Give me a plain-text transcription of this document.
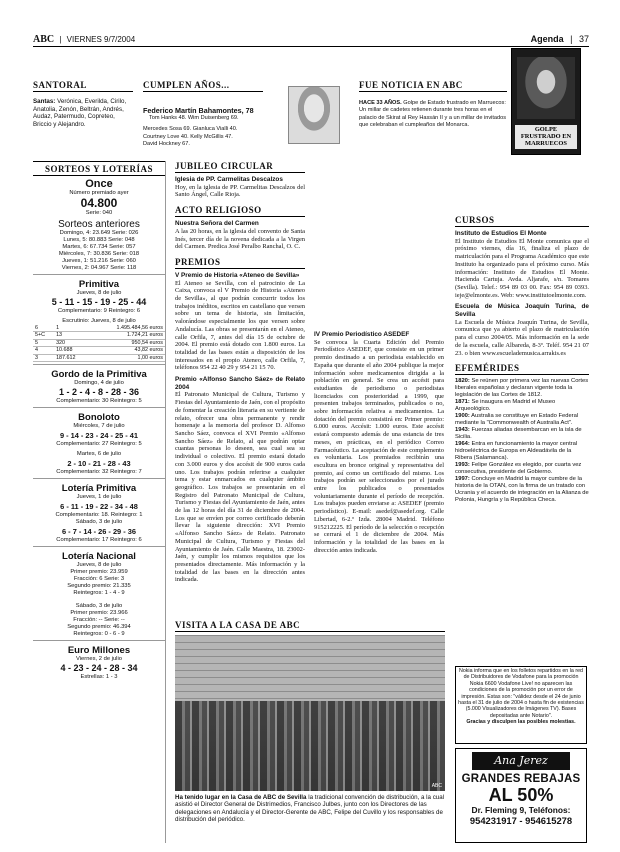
ABC | VIERNES 9/7/2004	Agenda | 37
SANTORAL
Santas: Verónica, Everilda, Cirilo, Anatolia, Zenón, Beltrán, Andrés, Audaz, Patermudo, Copreteo, Briccio y Alejandro.
CUMPLEN AÑOS...
Federico Martín Bahamontes, 78
Tom Hanks 48. Wim Duisenberg 69.
Mercedes Sosa 69. Gianluca Vialli 40.
Courtney Love 40. Kelly McGillis 47.
David Hockney 67.
FUE NOTICIA EN ABC
HACE 33 AÑOS. Golpe de Estado frustrado en Marruecos: Un millar de cadetes retienen durante tres horas en el palacio de Skirat al Rey Hassán II y a un millar de invitados que celebraban el cumpleaños del Monarca.
GOLPE FRUSTRADO EN MARRUECOS
SORTEOS Y LOTERÍAS
Once
Número premiado ayer
04.800
Serie: 040
Sorteos anteriores
Domingo, 4: 23.649 Serie: 026
Lunes, 5: 80.883 Serie: 048
Martes, 6: 67.734 Serie: 057
Miércoles, 7: 30.836 Serie: 018
Jueves, 1: 51.216 Serie: 060
Viernes, 2: 04.967 Serie: 118
Primitiva
Jueves, 8 de julio
5 - 11 - 15 - 19 - 25 - 44
Complementario: 9 Reintegro: 6
Escrutinio: Jueves, 8 de julio
6	1	1.495.484,56 euros
5+C	13	1.724,21 euros
5	320	950,54 euros
4	10.688	43,82 euros
3	187.612	1,00 euros
Gordo de la Primitiva
Domingo, 4 de julio
1 - 2 - 4 - 8 - 28 - 36
Complementario: 30 Reintegro: 5
Bonoloto
Miércoles, 7 de julio
9 - 14 - 23 - 24 - 25 - 41
Complementario: 27 Reintegro: 5
Martes, 6 de julio
2 - 10 - 21 - 28 - 43
Complementario: 32 Reintegro: 7
Lotería Primitiva
Jueves, 1 de julio
6 - 11 - 19 - 22 - 34 - 48
Complementario: 18. Reintegro: 1
Sábado, 3 de julio
6 - 7 - 14 - 26 - 29 - 36
Complementario: 17 Reintegro: 6
Lotería Nacional
Jueves, 8 de julio
Primer premio: 23.959
Fracción: 6 Serie: 3
Segundo premio: 21.335
Reintegros: 1 - 4 - 9
Sábado, 3 de julio
Primer premio: 23.966
Fracción: -- Serie: --
Segundo premio: 46.394
Reintegros: 0 - 6 - 9
Euro Millones
Viernes, 2 de julio
4 - 23 - 24 - 28 - 34
Estrellas: 1 - 3
JUBILEO CIRCULAR
Iglesia de PP. Carmelitas Descalzos
Hoy, en la iglesia de PP. Carmelitas Descalzos del Santo Ángel, Calle Rioja.
ACTO RELIGIOSO
Nuestra Señora del Carmen
A las 20 horas, en la iglesia del convento de Santa Inés, tercer día de la novena dedicada a la Virgen del Carmen. Predica José Peralbo Ranchal, O. C.
PREMIOS
V Premio de Historia «Ateneo de Sevilla»
El Ateneo se Sevilla, con el patrocinio de La Caixa, convoca el V Premio de Historia «Ateneo de Sevilla», al que podrán concurrir todos los trabajos inéditos, escritos en castellano que versen sobre un tema de historia, sin limitación, valorándose especialmente los que versen sobre Andalucía. Las obras se presentarán en el Ateneo, calle Orfila, 7, antes del día 15 de octubre de 2004. El premio está dotado con 1.800 euros. La totalidad de las bases están a disposición de los interesados en el propio Ateneo, calle Orfila, 7, teléfonos 954 22 40 29 y 954 21 15 70.
Premio «Alfonso Sancho Sáez» de Relato 2004
El Patronato Municipal de Cultura, Turismo y Fiestas del Ayuntamiento de Jaén, con el propósito de fomentar la creación literaria en su vertiente de relato, ofrecer una obra permanente y rendir homenaje a la memoria del profesor D. Alfonso Sancho Sáez, convoca el XVI Premio «Alfonso Sancho Sáez» de Relato, al que podrán optar cuantas personas lo deseen, sea cual sea su individual o colectivo. El premio estará dotado con 3.000 euros y dos accésit de 900 euros cada uno. Los trabajos podrán referirse a cualquier tema y estar enmarcados en cualquier ámbito geográfico. Los trabajos se presentarán en el Registro del Patronato Municipal de Cultura, Turismo y Fiestas del Ayuntamiento de Jaén, antes de las 12 horas del día 31 de diciembre de 2004. Los que se envíen por correo certificado deberán llevar la siguiente dirección: XVI Premio «Alfonso Sancho Sáez» de Relato. Patronato Municipal de Cultura, Turismo y Fiestas del Ayuntamiento de Jaén. Calle Maestra, 18. 23002-Jaén, y cumplir los mismos requisitos que los presentados directamente. Más información y la totalidad de las bases en la dirección antes indicada.
IV Premio Periodístico ASEDEF
Se convoca la Cuarta Edición del Premio Periodístico ASEDEF, que consiste en un primer premio destinado a un periodista establecido en España que durante el año 2004 publique la mejor información sobre medicamentos dirigida a la población en general. Se crea un accésit para estudiantes de periodismo o periodistas licenciados con posterioridad a 1999, que presenten trabajos terminados, publicados o no, sobre información relativa a medicamentos. La dotación del premio consistirá en: Primer premio: 6.000 euros. Accésit: 1.000 euros. Este accésit estará compuesto además de una estancia de tres meses, en prácticas, en el periódico Correo Farmacéutico. La aceptación de este complemento es voluntaria. Los premiados recibirán una escultura en bronce original y representativa del premio, así como un certificado del mismo. Los trabajos podrán ser seleccionados por el jurado entre los publicados o presentados voluntariamente durante el período de recepción. Los trabajos pueden enviarse a: ASEDEF (premio periodístico). E-mail: asedef@asedef.org. Calle Libertad, 6-2.º Izda. 28004 Madrid. Teléfono 915212225. El período de la selección o recepción se cerrará el 1 de diciembre de 2004. Más información y la totalidad de las bases en la dirección antes indicada.
CURSOS
Instituto de Estudios El Monte
El Instituto de Estudios El Monte comunica que el próximo viernes, día 16, finaliza el plazo de matriculación para el Programa Académico que este Instituto ha organizado para el próximo curso. Más información: Instituto de Estudios El Monte. Hacienda Cartuja. Avda. Aljarafe, s/n. Tomares (Sevilla). Telef.: 954 89 03 00. Fax: 954 89 0393. ieje@elmonte.es. Web: www.institutoelmonte.com.
Escuela de Música Joaquín Turina, de Sevilla
La Escuela de Música Joaquín Turina, de Sevilla, comunica que ya abierto el plazo de matriculación para el curso 2004/05. Más información en la sede de la escuela, calle Albareda, 8-3º. Teléf. 954 21 07 23. o bien www.escuelademusica.arrakis.es
EFEMÉRIDES
1820: Se reúnen por primera vez las nuevas Cortes liberales españolas y declaran vigente toda la legislación de las Cortes de 1812.
1871: Se inaugura en Madrid el Museo Arqueológico.
1900: Australia se constituye en Estado Federal mediante la "Commonwealth of Australia Act".
1943: Fuerzas aliadas desembarcan en la isla de Sicilia.
1964: Entra en funcionamiento la mayor central hidroeléctrica de Europa en Aldeadávila de la Ribera (Salamanca).
1993: Felipe González es elegido, por cuarta vez consecutiva, presidente del Gobierno.
1997: Concluye en Madrid la mayor cumbre de la historia de la OTAN, con la firma de un tratado con Ucrania y el acuerdo de integración en la Alianza de Polonia, Hungría y la República Checa.
Nokia informa que en los folletos repartidos en la red de Distribuidores de Vodafone para la promoción Nokia 6600 Vodafone Live! no aparecen las condiciones de la promoción por un error de impresión. Estas son: "válidez desde el 24 de junio hasta el 31 de julio de 2004 o hasta fin de existencias (5.000 Visualizadores de Imágenes TV). Bases depositadas ante Notario".
Gracias y disculpen las posibles molestias.
Ana Jerez
GRANDES REBAJAS
AL 50%
Dr. Fleming 9, Teléfonos:
954231917 - 954615278
VISITA A LA CASA DE ABC
ABC
Ha tenido lugar en la Casa de ABC de Sevilla la tradicional convención de distribución, a la cual asistió el Director General de Distrimedios, Francisco Julbes, junto con los Directores de las delegaciones en Andalucía y el Director-Gerente de ABC, Felipe del Cuvillo y los responsables de distribución del periódico.
